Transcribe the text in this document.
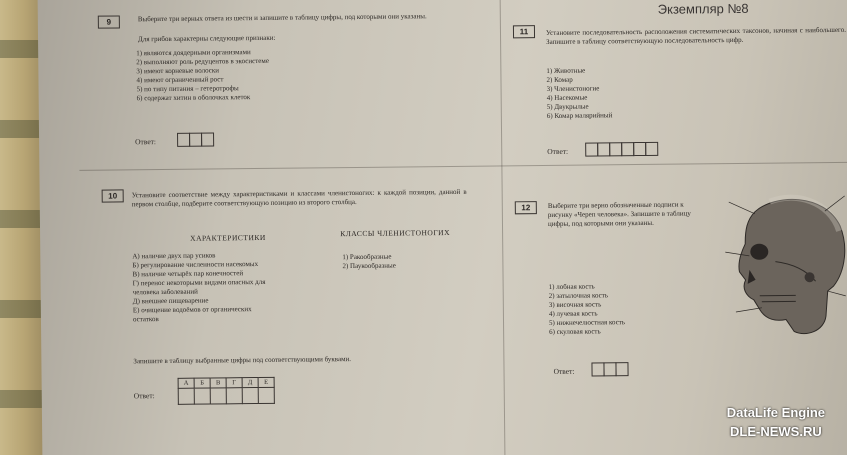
Экземпляр №8
9	Выберите три верных ответа из шести и запишите в таблицу цифры, под которыми они указаны.
Для грибов характерны следующие признаки:
1) являются доядерными организмами
2) выполняют роль редуцентов в экосистеме
3) имеют корневые волоски
4) имеют ограниченный рост
5) по типу питания – гетеротрофы
6) содержат хитин в оболочках клеток
Ответ:
10	Установите соответствие между характеристиками и классами членистоногих: к каждой позиции, данной в первом столбце, подберите соответствующую позицию из второго столбца.
ХАРАКТЕРИСТИКИ	КЛАССЫ ЧЛЕНИСТОНОГИХ
А) наличие двух пар усиков
Б) регулирование численности насекомых
В) наличие четырёх пар конечностей
Г) перенос некоторыми видами опасных для
человека заболеваний
Д) внешнее пищеварение
Е) очищение водоёмов от органических
остатков
1) Ракообразные
2) Паукообразные
Запишите в таблицу выбранные цифры под соответствующими буквами.
Ответ:
А	Б	В	Г	Д	Е

11	Установите последовательность расположения систематических таксонов, начиная с наибольшего. Запишите в таблицу соответствующую последовательность цифр.
1) Животные
2) Комар
3) Членистоногие
4) Насекомые
5) Двукрылые
6) Комар малярийный
Ответ:
12	Выберите три верно обозначенные подписи к рисунку «Череп человека». Запишите в таблицу цифры, под которыми они указаны.
1) лобная кость
2) затылочная кость
3) височная кость
4) лучевая кость
5) нижнечелюстная кость
6) скуловая кость
Ответ:
DataLife Engine
DLE-NEWS.RU
